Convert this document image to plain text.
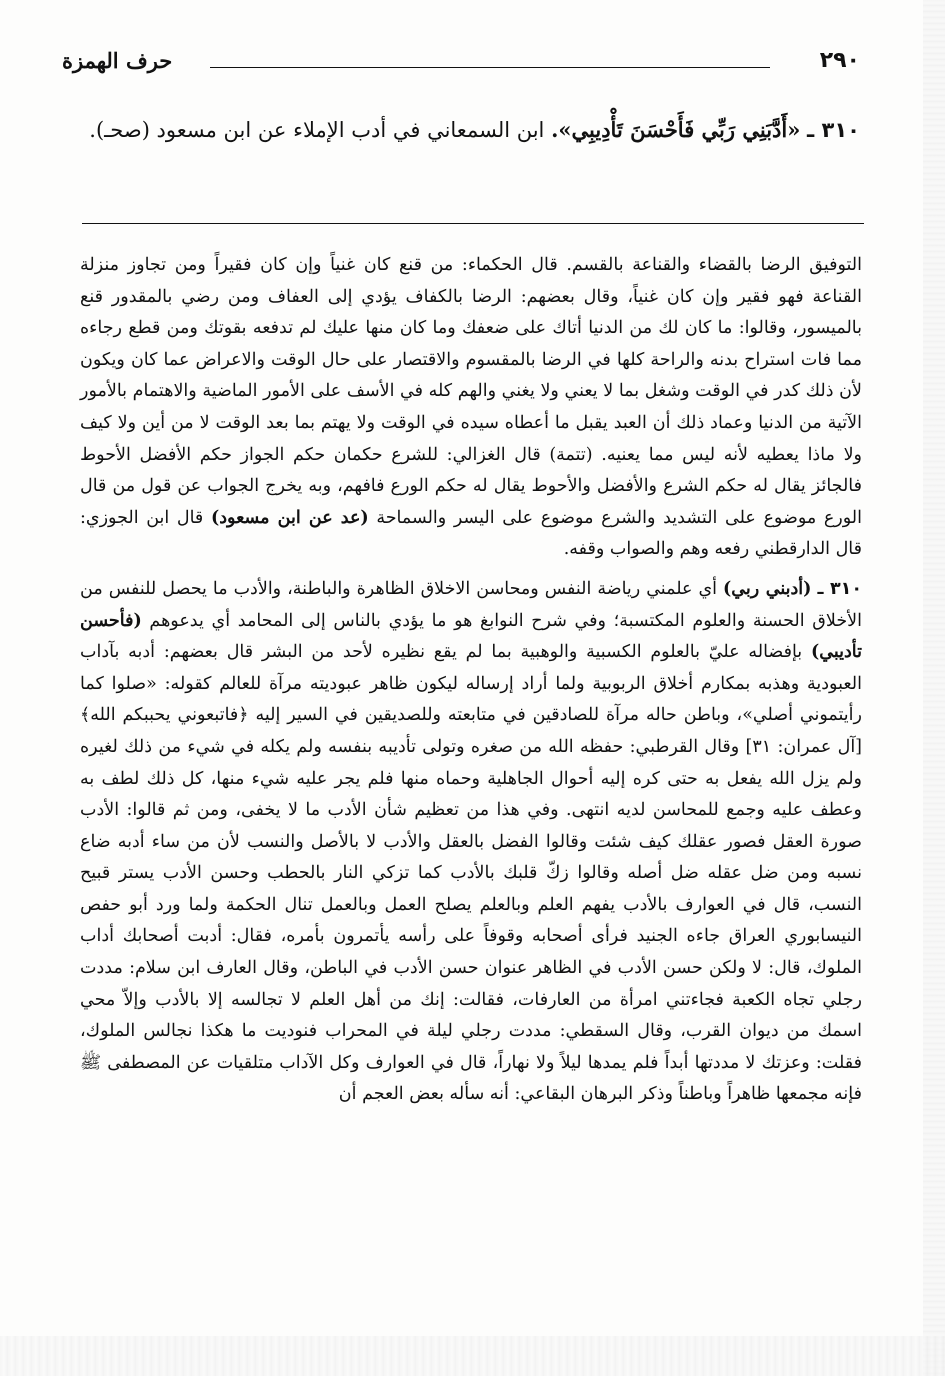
٢٩٠
حرف الهمزة
٣١٠ ـ «أَدَّبَنِي رَبِّي فَأَحْسَنَ تَأْدِيبِي». ابن السمعاني في أدب الإملاء عن ابن مسعود (صحـ).

التوفيق الرضا بالقضاء والقناعة بالقسم. قال الحكماء: من قنع كان غنياً وإن كان فقيراً ومن تجاوز منزلة القناعة فهو فقير وإن كان غنياً، وقال بعضهم: الرضا بالكفاف يؤدي إلى العفاف ومن رضي بالمقدور قنع بالميسور، وقالوا: ما كان لك من الدنيا أتاك على ضعفك وما كان منها عليك لم تدفعه بقوتك ومن قطع رجاءه مما فات استراح بدنه والراحة كلها في الرضا بالمقسوم والاقتصار على حال الوقت والاعراض عما كان ويكون لأن ذلك كدر في الوقت وشغل بما لا يعني ولا يغني والهم كله في الأسف على الأمور الماضية والاهتمام بالأمور الآتية من الدنيا وعماد ذلك أن العبد يقبل ما أعطاه سيده في الوقت ولا يهتم بما بعد الوقت لا من أين ولا كيف ولا ماذا يعطيه لأنه ليس مما يعنيه. (تتمة) قال الغزالي: للشرع حكمان حكم الجواز حكم الأفضل الأحوط فالجائز يقال له حكم الشرع والأفضل والأحوط يقال له حكم الورع فافهم، وبه يخرج الجواب عن قول من قال الورع موضوع على التشديد والشرع موضوع على اليسر والسماحة (عد عن ابن مسعود) قال ابن الجوزي: قال الدارقطني رفعه وهم والصواب وقفه.

٣١٠ ـ (أدبني ربي) أي علمني رياضة النفس ومحاسن الاخلاق الظاهرة والباطنة، والأدب ما يحصل للنفس من الأخلاق الحسنة والعلوم المكتسبة؛ وفي شرح النوابغ هو ما يؤدي بالناس إلى المحامد أي يدعوهم (فأحسن تأديبي) بإفضاله عليّ بالعلوم الكسبية والوهبية بما لم يقع نظيره لأحد من البشر قال بعضهم: أدبه بآداب العبودية وهذبه بمكارم أخلاق الربوبية ولما أراد إرساله ليكون ظاهر عبوديته مرآة للعالم كقوله: «صلوا كما رأيتموني أصلي»، وباطن حاله مرآة للصادقين في متابعته وللصديقين في السير إليه ﴿فاتبعوني يحببكم الله﴾ [آل عمران: ٣١] وقال القرطبي: حفظه الله من صغره وتولى تأديبه بنفسه ولم يكله في شيء من ذلك لغيره ولم يزل الله يفعل به حتى كره إليه أحوال الجاهلية وحماه منها فلم يجر عليه شيء منها، كل ذلك لطف به وعطف عليه وجمع للمحاسن لديه انتهى. وفي هذا من تعظيم شأن الأدب ما لا يخفى، ومن ثم قالوا: الأدب صورة العقل فصور عقلك كيف شئت وقالوا الفضل بالعقل والأدب لا بالأصل والنسب لأن من ساء أدبه ضاع نسبه ومن ضل عقله ضل أصله وقالوا زكّ قلبك بالأدب كما تزكي النار بالحطب وحسن الأدب يستر قبيح النسب، قال في العوارف بالأدب يفهم العلم وبالعلم يصلح العمل وبالعمل تنال الحكمة ولما ورد أبو حفص النيسابوري العراق جاءه الجنيد فرأى أصحابه وقوفاً على رأسه يأتمرون بأمره، فقال: أدبت أصحابك أداب الملوك، قال: لا ولكن حسن الأدب في الظاهر عنوان حسن الأدب في الباطن، وقال العارف ابن سلام: مددت رجلي تجاه الكعبة فجاءتني امرأة من العارفات، فقالت: إنك من أهل العلم لا تجالسه إلا بالأدب وإلاّ محي اسمك من ديوان القرب، وقال السقطي: مددت رجلي ليلة في المحراب فنوديت ما هكذا نجالس الملوك، فقلت: وعزتك لا مددتها أبداً فلم يمدها ليلاً ولا نهاراً، قال في العوارف وكل الآداب متلقيات عن المصطفى ﷺ فإنه مجمعها ظاهراً وباطناً وذكر البرهان البقاعي: أنه سأله بعض العجم أن
